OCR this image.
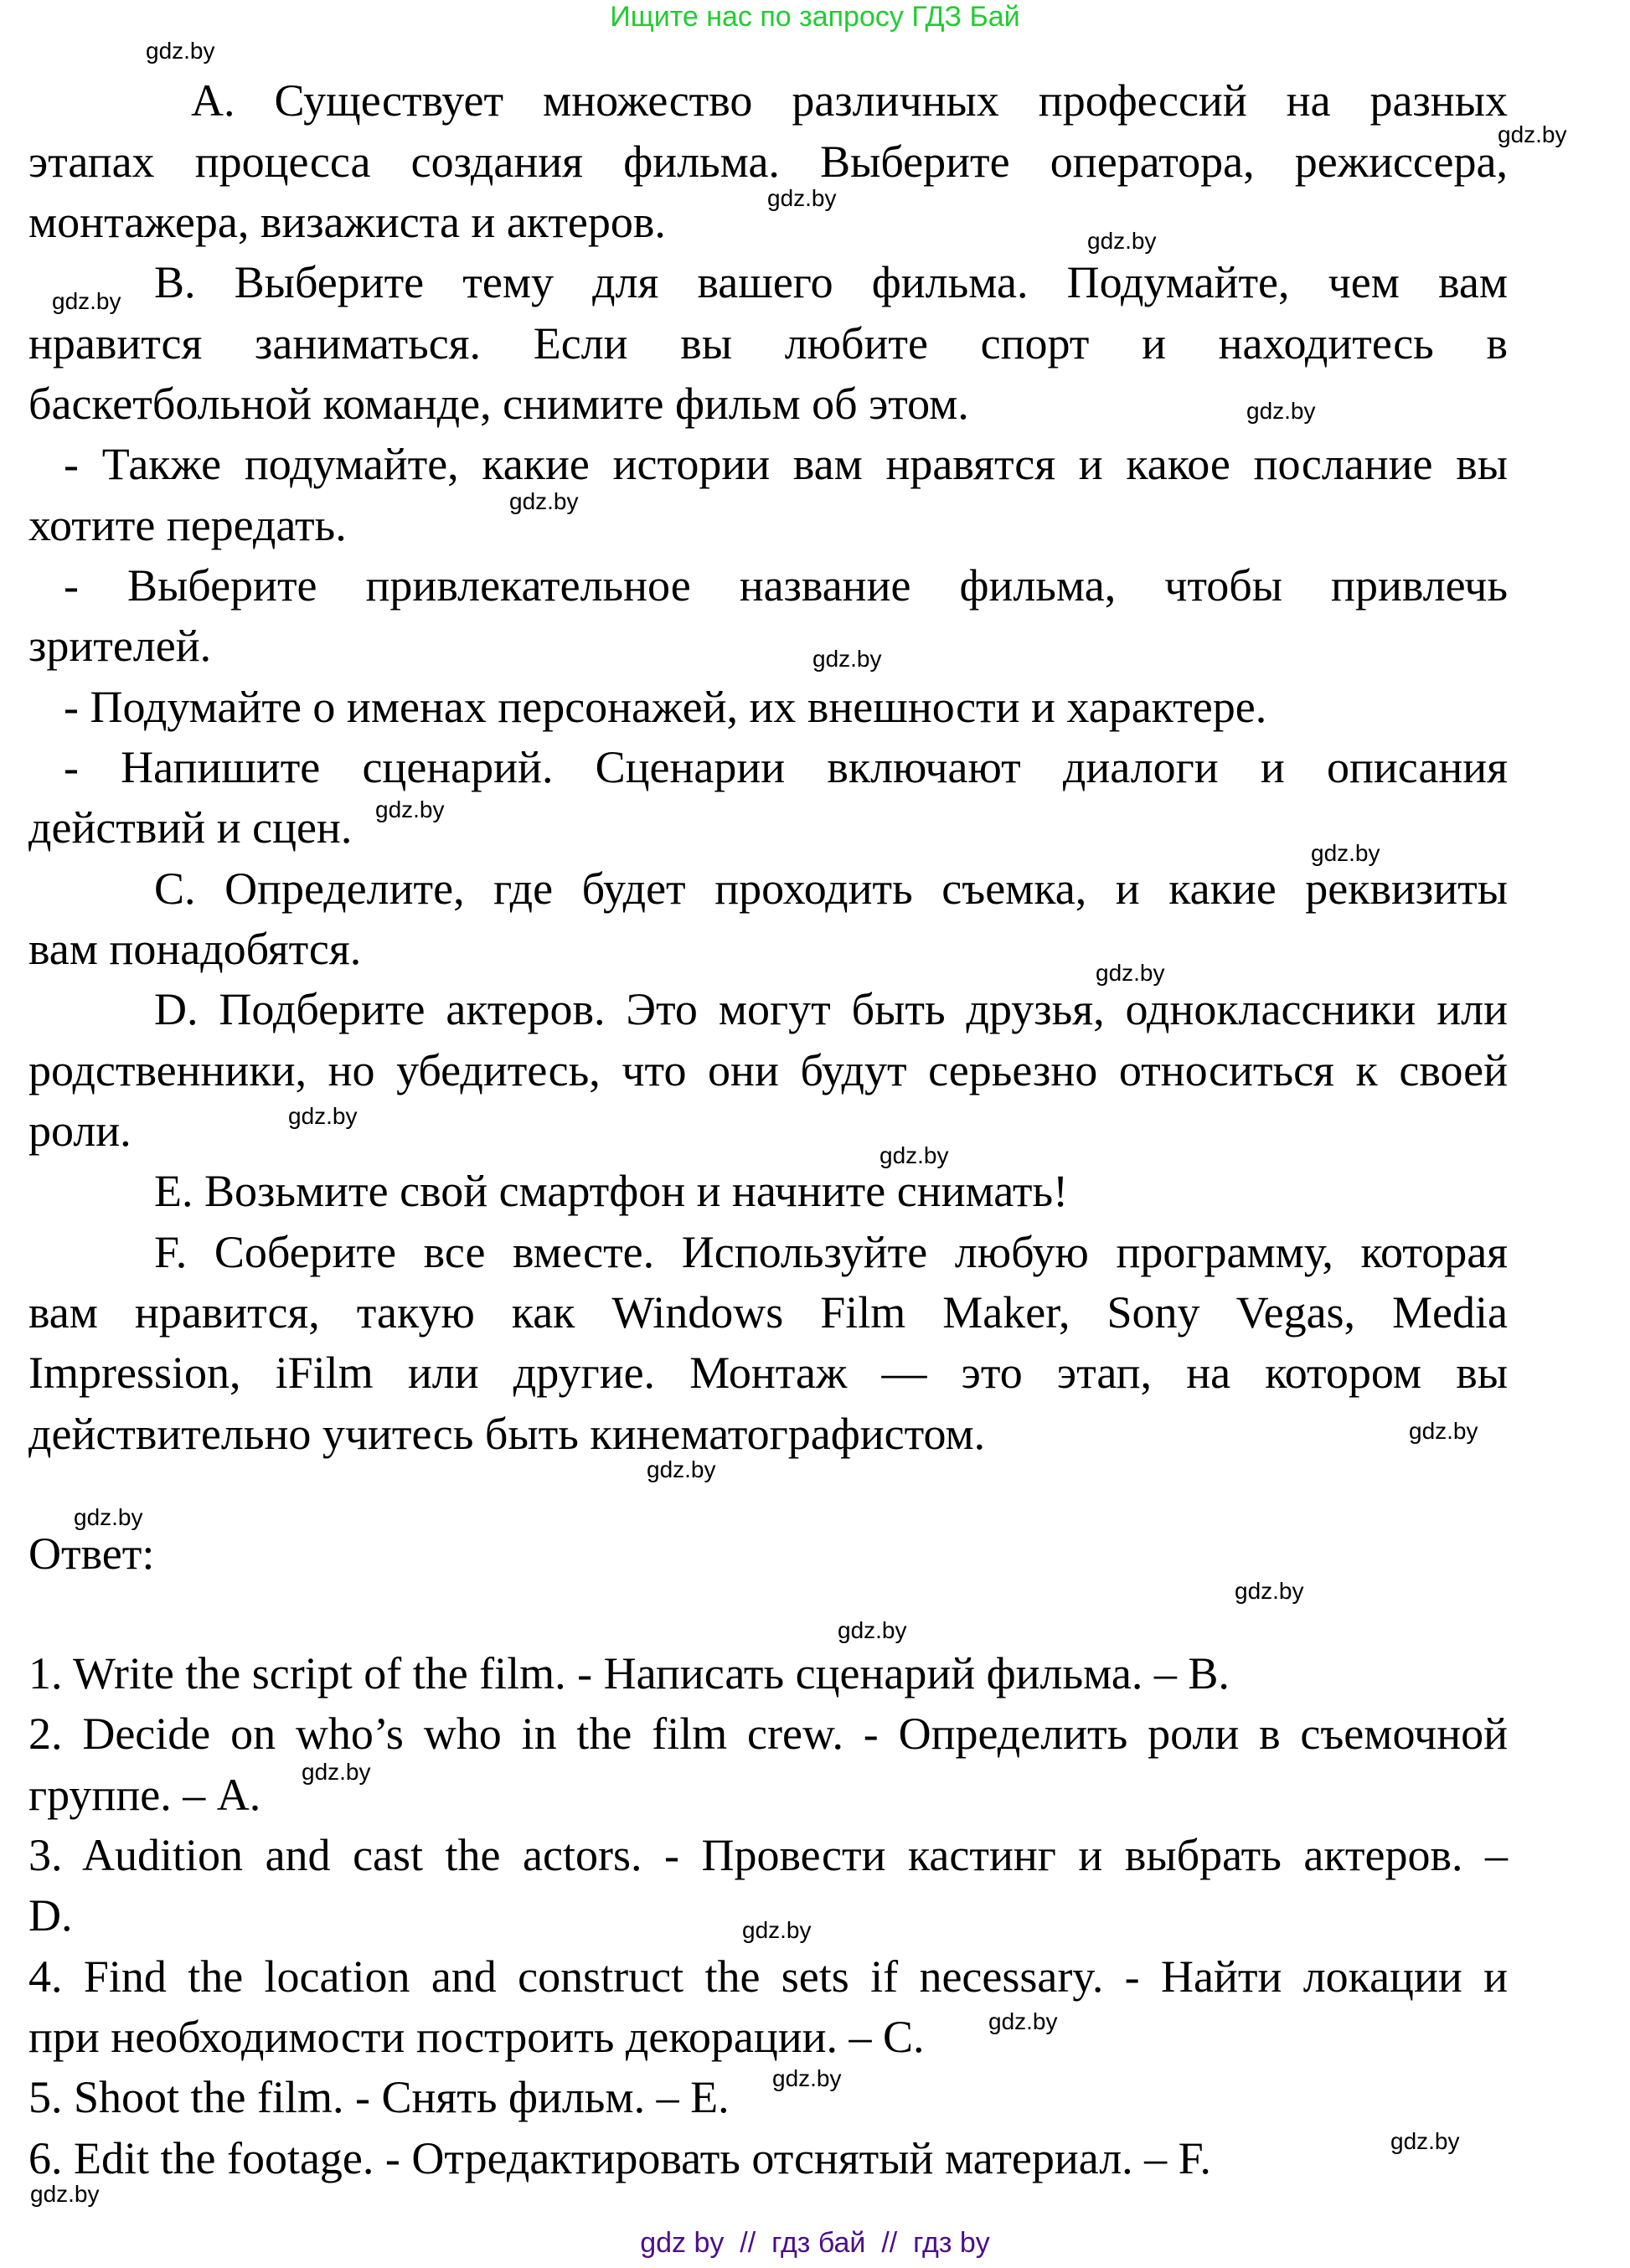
Ищите нас по запросу ГДЗ Бай
А. Существует множество различных профессий на разных
этапах процесса создания фильма. Выберите оператора, режиссера,
монтажера, визажиста и актеров.
B. Выберите тему для вашего фильма. Подумайте, чем вам
нравится заниматься. Если вы любите спорт и находитесь в
баскетбольной команде, снимите фильм об этом.
- Также подумайте, какие истории вам нравятся и какое послание вы
хотите передать.
- Выберите привлекательное название фильма, чтобы привлечь
зрителей.
- Подумайте о именах персонажей, их внешности и характере.
- Напишите сценарий. Сценарии включают диалоги и описания
действий и сцен.
C. Определите, где будет проходить съемка, и какие реквизиты
вам понадобятся.
D. Подберите актеров. Это могут быть друзья, одноклассники или
родственники, но убедитесь, что они будут серьезно относиться к своей
роли.
E. Возьмите свой смартфон и начните снимать!
F. Соберите все вместе. Используйте любую программу, которая
вам нравится, такую как Windows Film Maker, Sony Vegas, Media
Impression, iFilm или другие. Монтаж — это этап, на котором вы
действительно учитесь быть кинематографистом.
Ответ:
1. Write the script of the film. - Написать сценарий фильма. – B.
2. Decide on who’s who in the film crew. - Определить роли в съемочной
группе. – A.
3. Audition and cast the actors. - Провести кастинг и выбрать актеров. –
D.
4. Find the location and construct the sets if necessary. - Найти локации и
при необходимости построить декорации. – C.
5. Shoot the film. - Снять фильм. – E.
6. Edit the footage. - Отредактировать отснятый материал. – F.
gdz.by
gdz.by
gdz.by
gdz.by
gdz.by
gdz.by
gdz.by
gdz.by
gdz.by
gdz.by
gdz.by
gdz.by
gdz.by
gdz.by
gdz.by
gdz.by
gdz.by
gdz.by
gdz.by
gdz.by
gdz.by
gdz.by
gdz.by
gdz.by
gdz by  //  гдз бай  //  гдз by
